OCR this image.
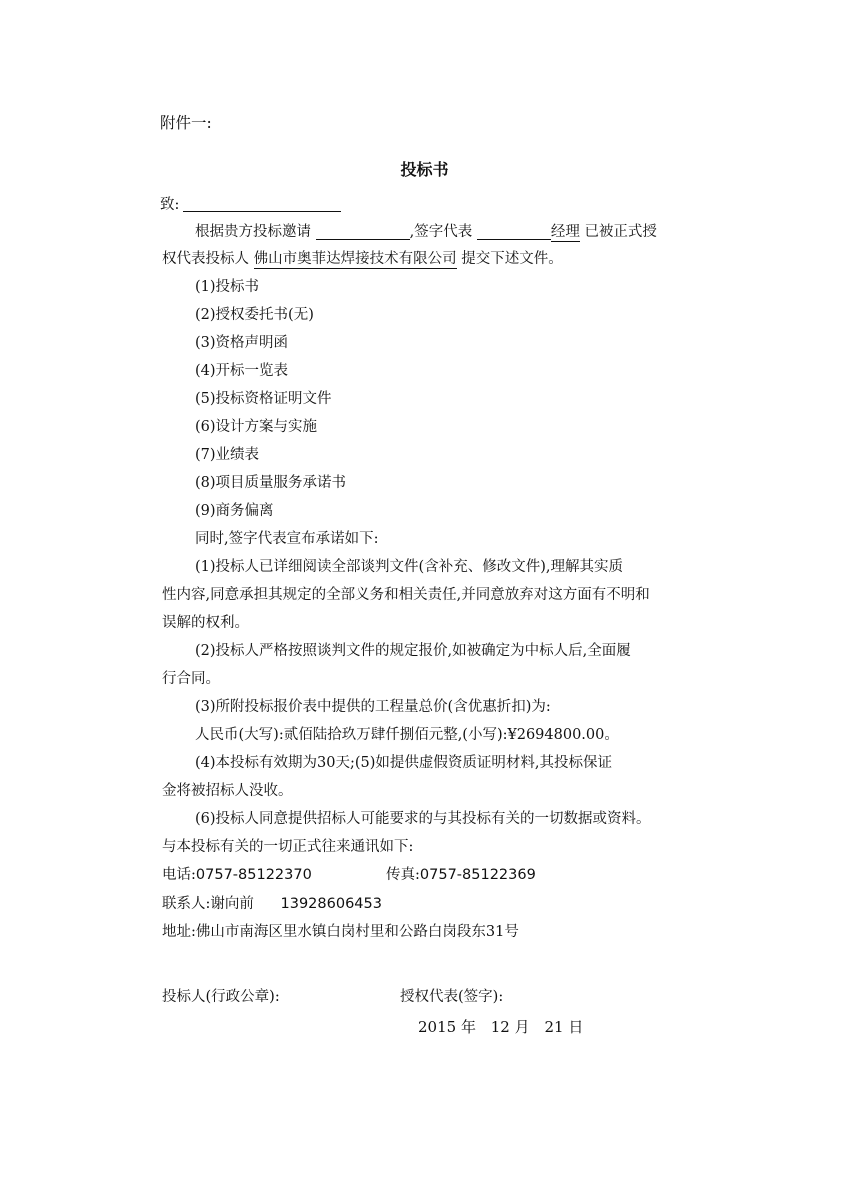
附件一:
投标书
致:
根据贵方投标邀请	,签字代表	经理 已被正式授
权代表投标人 佛山市奥菲达焊接技术有限公司 提交下述文件。
(1)投标书
(2)授权委托书(无)
(3)资格声明函
(4)开标一览表
(5)投标资格证明文件
(6)设计方案与实施
(7)业绩表
(8)项目质量服务承诺书
(9)商务偏离
同时,签字代表宣布承诺如下:
(1)投标人已详细阅读全部谈判文件(含补充、修改文件),理解其实质
性内容,同意承担其规定的全部义务和相关责任,并同意放弃对这方面有不明和
误解的权利。
(2)投标人严格按照谈判文件的规定报价,如被确定为中标人后,全面履
行合同。
(3)所附投标报价表中提供的工程量总价(含优惠折扣)为:
人民币(大写):贰佰陆拾玖万肆仟捌佰元整,(小写):¥2694800.00。
(4)本投标有效期为30天;(5)如提供虚假资质证明材料,其投标保证
金将被招标人没收。
(6)投标人同意提供招标人可能要求的与其投标有关的一切数据或资料。
与本投标有关的一切正式往来通讯如下:
电话:0757-85122370	传真:0757-85122369
联系人:谢向前 13928606453
地址:佛山市南海区里水镇白岗村里和公路白岗段东31号
投标人(行政公章):	授权代表(签字):
2015 年 12 月 21 日
